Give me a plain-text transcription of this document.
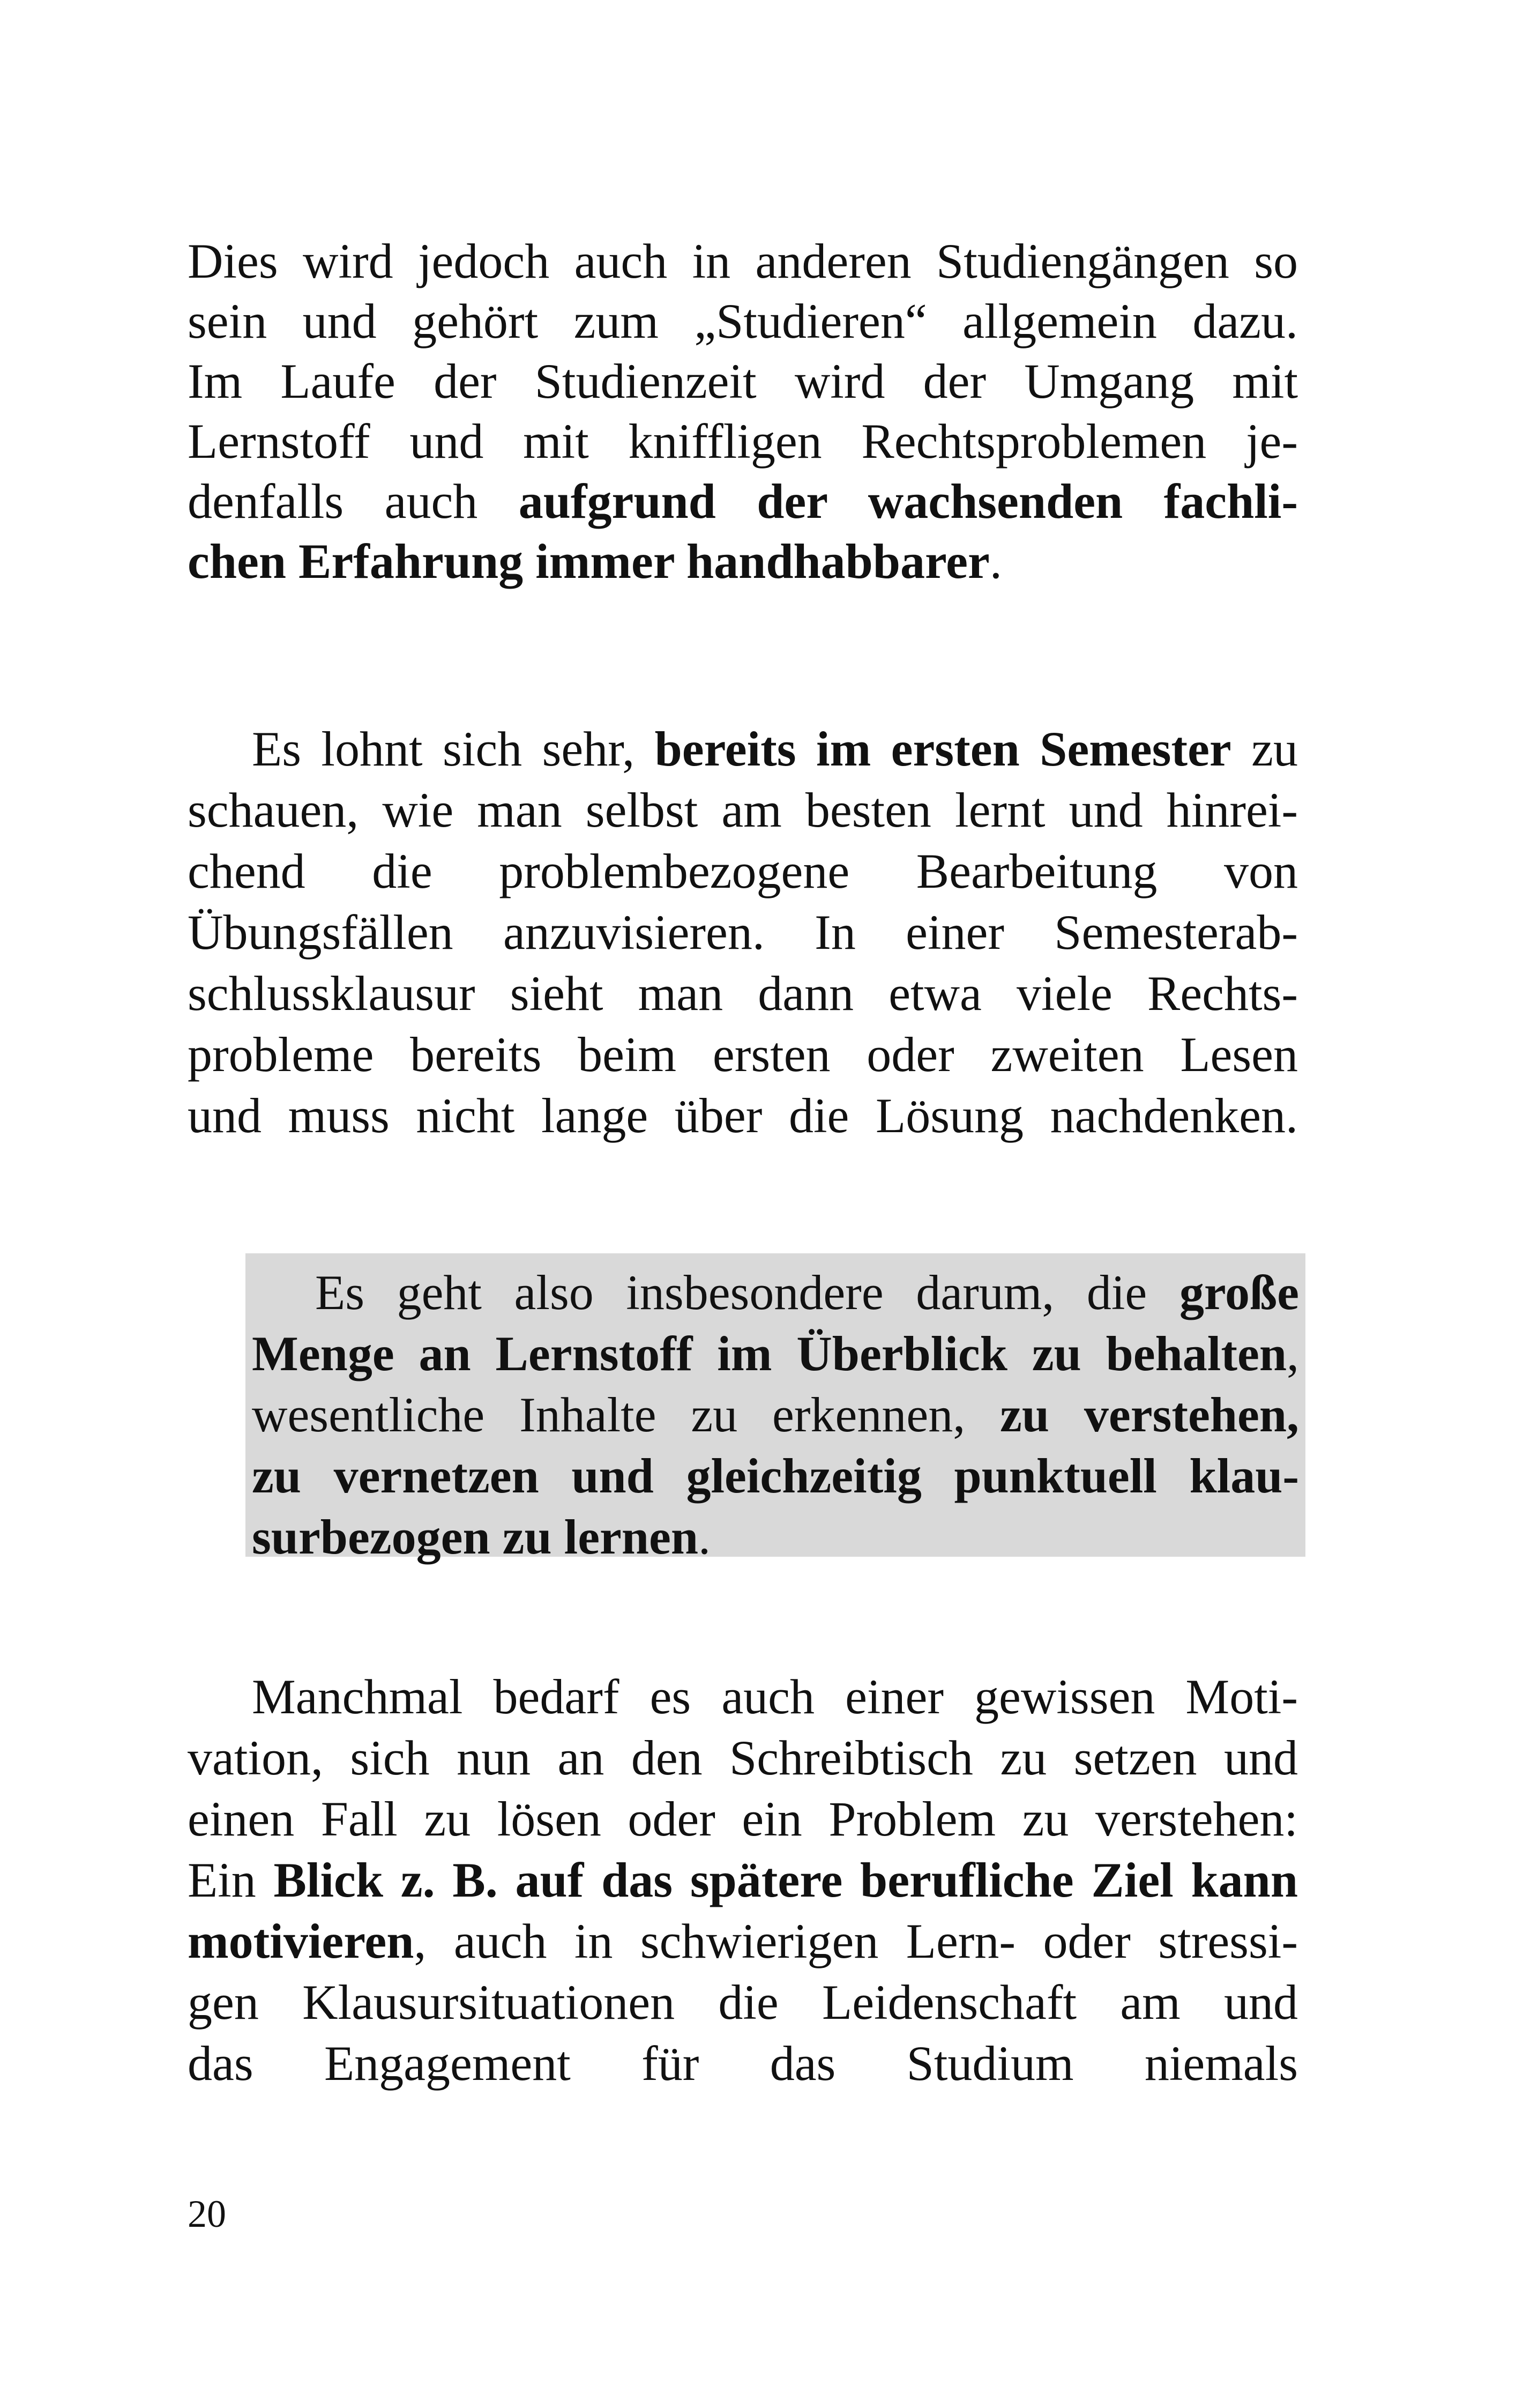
Dies wird jedoch auch in anderen Studiengängen so
sein und gehört zum „Studieren“ allgemein dazu.
Im Laufe der Studienzeit wird der Umgang mit
Lernstoff und mit kniffligen Rechtsproblemen je-
denfalls auch aufgrund der wachsenden fachli-
chen Erfahrung immer handhabbarer.
Es lohnt sich sehr, bereits im ersten Semester zu
schauen, wie man selbst am besten lernt und hinrei-
chend die problembezogene Bearbeitung von
Übungsfällen anzuvisieren. In einer Semesterab-
schlussklausur sieht man dann etwa viele Rechts-
probleme bereits beim ersten oder zweiten Lesen
und muss nicht lange über die Lösung nachdenken.
Es geht also insbesondere darum, die große
Menge an Lernstoff im Überblick zu behalten,
wesentliche Inhalte zu erkennen, zu verstehen,
zu vernetzen und gleichzeitig punktuell klau-
surbezogen zu lernen.
Manchmal bedarf es auch einer gewissen Moti-
vation, sich nun an den Schreibtisch zu setzen und
einen Fall zu lösen oder ein Problem zu verstehen:
Ein Blick z. B. auf das spätere berufliche Ziel kann
motivieren, auch in schwierigen Lern- oder stressi-
gen Klausursituationen die Leidenschaft am und
das Engagement für das Studium niemals
20
